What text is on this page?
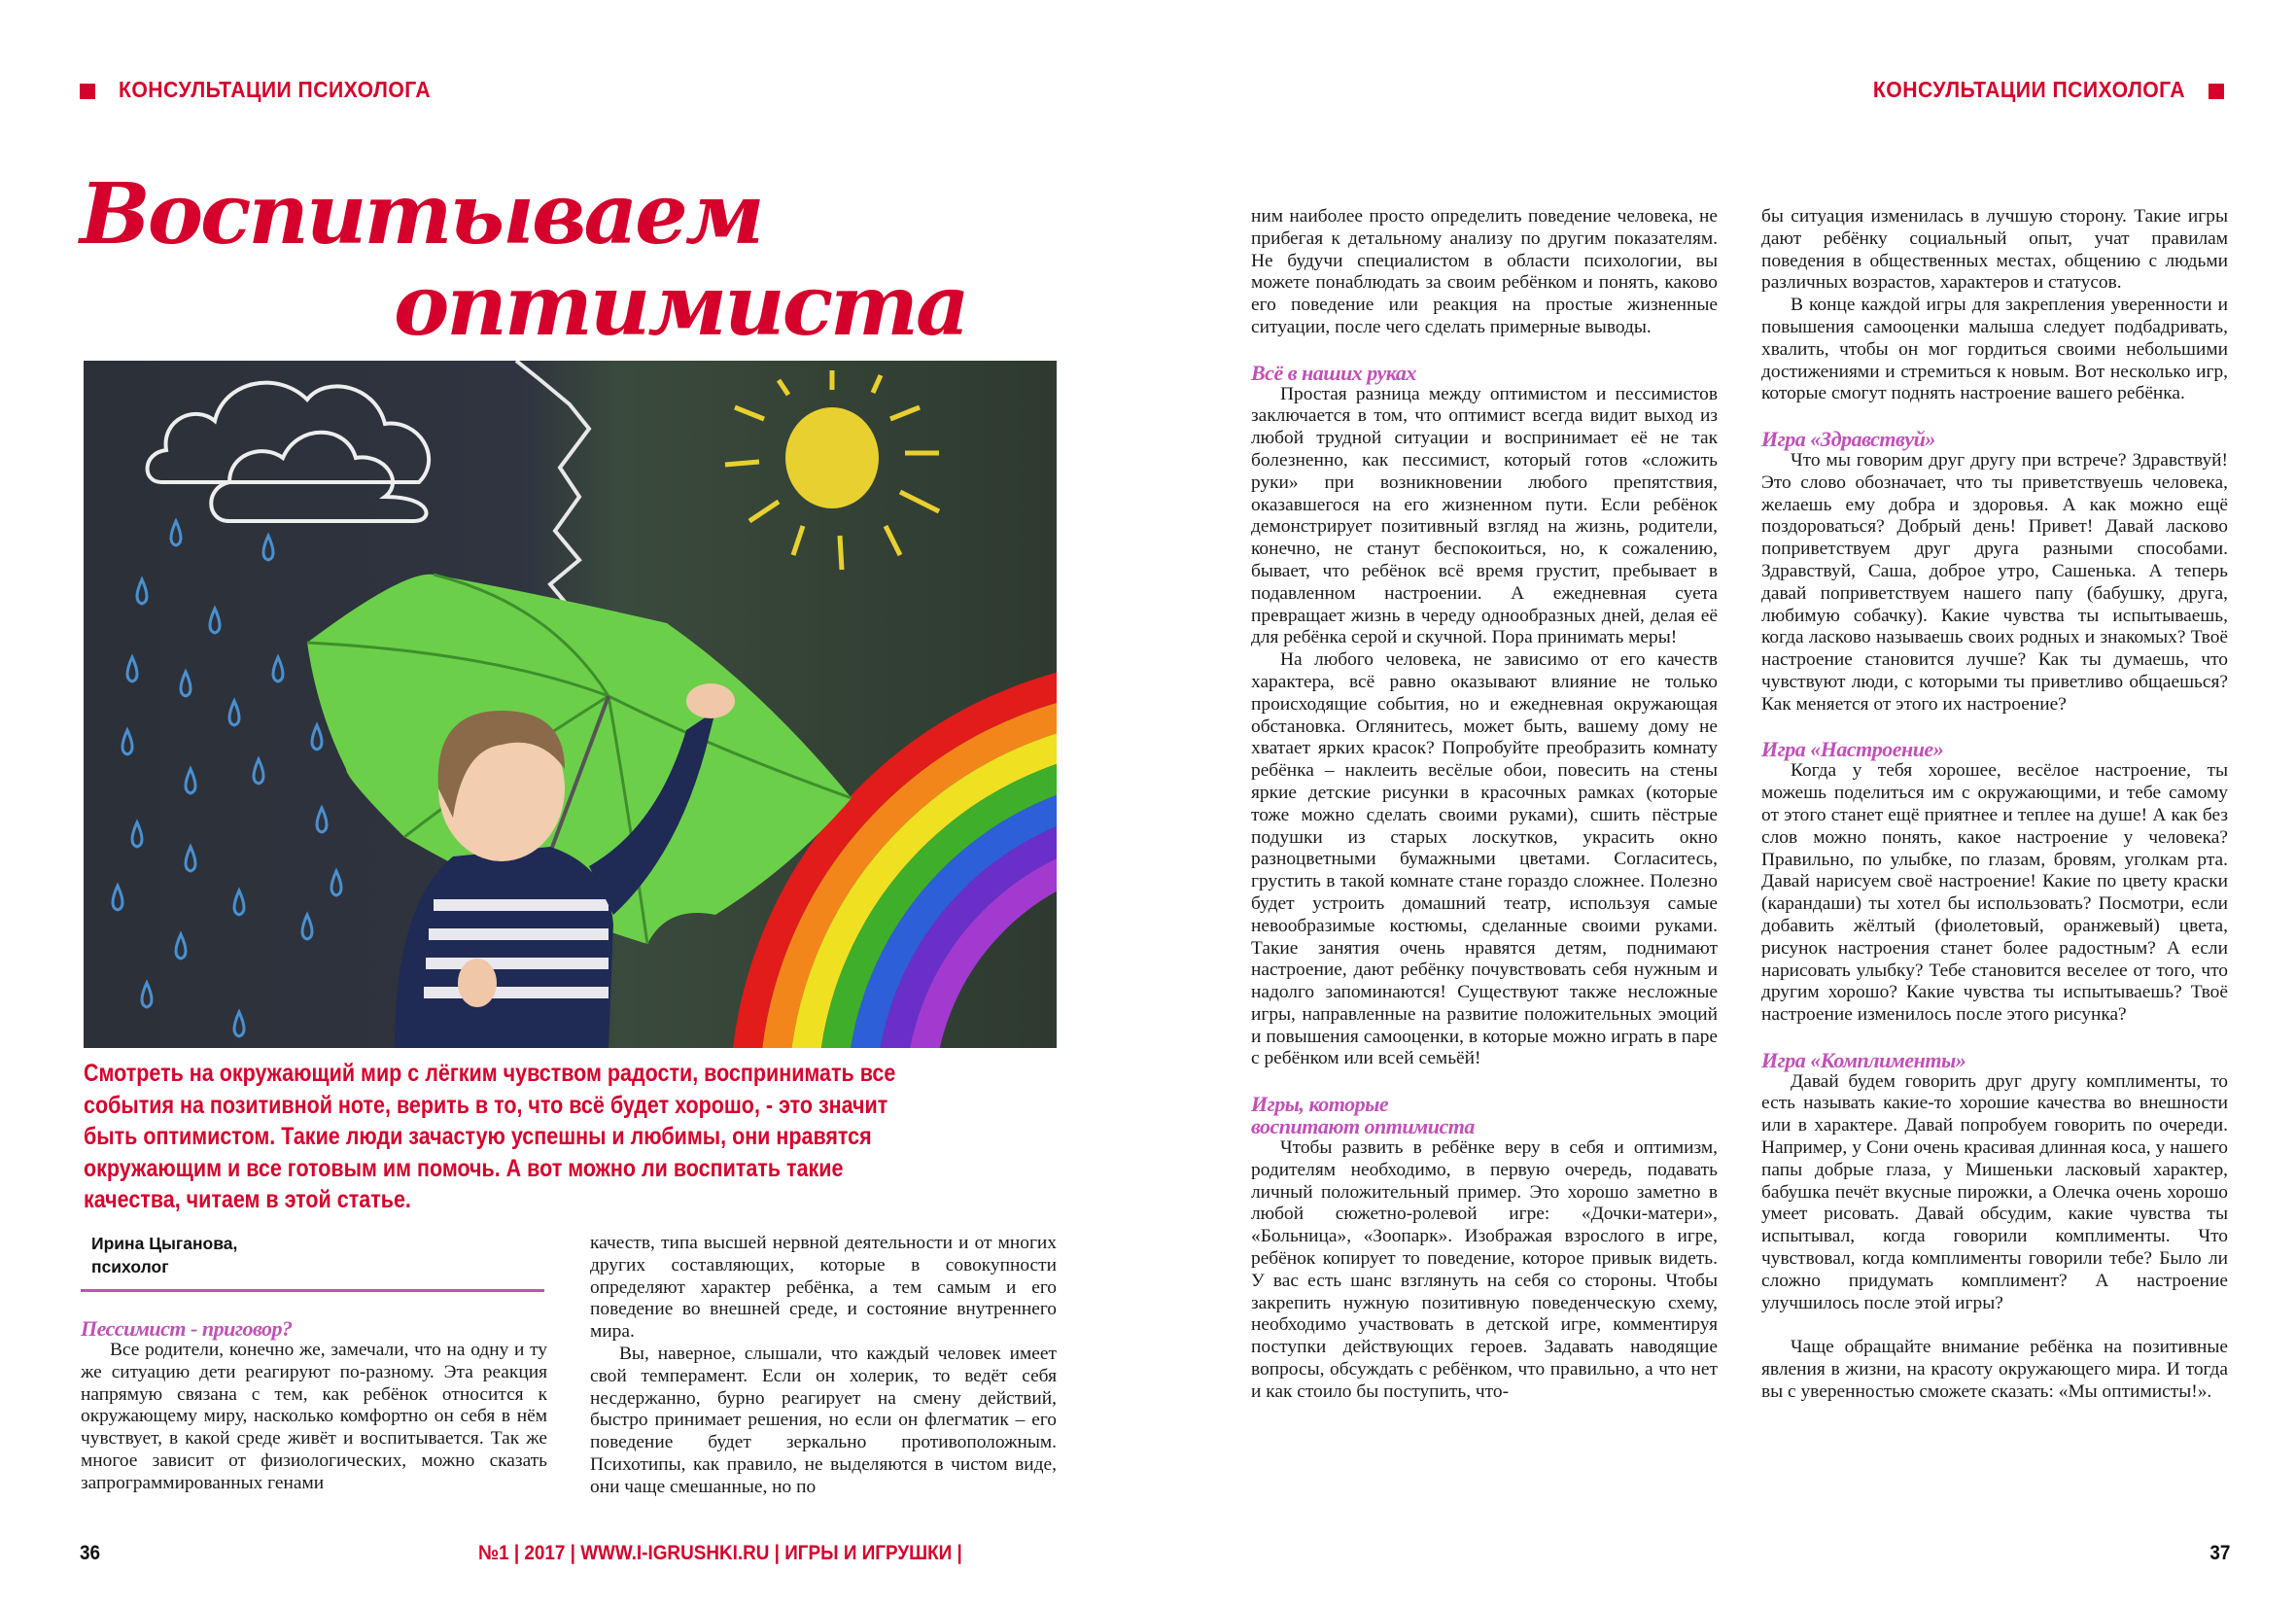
КОНСУЛЬТАЦИИ ПСИХОЛОГА	КОНСУЛЬТАЦИИ ПСИХОЛОГА
Воспитываем
оптимиста
Смотреть на окружающий мир с лёгким чувством радости, воспринимать все
события на позитивной ноте, верить в то, что всё будет хорошо, - это значит
быть оптимистом. Такие люди зачастую успешны и любимы, они нравятся
окружающим и все готовым им помочь. А вот можно ли воспитать такие
качества, читаем в этой статье.
Ирина Цыганова,
психолог
Пессимист - приговор?

Все родители, конечно же, замечали, что на одну и ту же ситуацию дети реагируют по-разному. Эта реакция напрямую связана с тем, как ребёнок относится к окружающему миру, насколько комфортно он себя в нём чувствует, в какой среде живёт и воспитывается. Так же многое зависит от физиологических, можно сказать запрограммированных генами

качеств, типа высшей нервной деятельности и от многих других составляющих, которые в совокупности определяют характер ребёнка, а тем самым и его поведение во внешней среде, и состояние внутреннего мира.

Вы, наверное, слышали, что каждый человек имеет свой темперамент. Если он холерик, то ведёт себя несдержанно, бурно реагирует на смену действий, быстро принимает решения, но если он флегматик – его поведение будет зеркально противоположным. Психотипы, как правило, не выделяются в чистом виде, они чаще смешанные, но по

ним наиболее просто определить поведение человека, не прибегая к детальному анализу по другим показателям. Не будучи специалистом в области психологии, вы можете понаблюдать за своим ребёнком и понять, каково его поведение или реакция на простые жизненные ситуации, после чего сделать примерные выводы.

Всё в наших руках

Простая разница между оптимистом и пессимистов заключается в том, что оптимист всегда видит выход из любой трудной ситуации и воспринимает её не так болезненно, как пессимист, который готов «сложить руки» при возникновении любого препятствия, оказавшегося на его жизненном пути. Если ребёнок демонстрирует позитивный взгляд на жизнь, родители, конечно, не станут беспокоиться, но, к сожалению, бывает, что ребёнок всё время грустит, пребывает в подавленном настроении. А ежедневная суета превращает жизнь в череду однообразных дней, делая её для ребёнка серой и скучной. Пора принимать меры!

На любого человека, не зависимо от его качеств характера, всё равно оказывают влияние не только происходящие события, но и ежедневная окружающая обстановка. Оглянитесь, может быть, вашему дому не хватает ярких красок? Попробуйте преобразить комнату ребёнка – наклеить весёлые обои, повесить на стены яркие детские рисунки в красочных рамках (которые тоже можно сделать своими руками), сшить пёстрые подушки из старых лоскутков, украсить окно разноцветными бумажными цветами. Согласитесь, грустить в такой комнате стане гораздо сложнее. Полезно будет устроить домашний театр, используя самые невообразимые костюмы, сделанные своими руками. Такие занятия очень нравятся детям, поднимают настроение, дают ребёнку почувствовать себя нужным и надолго запоминаются! Существуют также несложные игры, направленные на развитие положительных эмоций и повышения самооценки, в которые можно играть в паре с ребёнком или всей семьёй!

Игры, которые
воспитают оптимиста

Чтобы развить в ребёнке веру в себя и оптимизм, родителям необходимо, в первую очередь, подавать личный положительный пример. Это хорошо заметно в любой сюжетно-ролевой игре: «Дочки-матери», «Больница», «Зоопарк». Изображая взрослого в игре, ребёнок копирует то поведение, которое привык видеть. У вас есть шанс взглянуть на себя со стороны. Чтобы закрепить нужную позитивную поведенческую схему, необходимо участвовать в детской игре, комментируя поступки действующих героев. Задавать наводящие вопросы, обсуждать с ребёнком, что правильно, а что нет и как стоило бы поступить, что-

бы ситуация изменилась в лучшую сторону. Такие игры дают ребёнку социальный опыт, учат правилам поведения в общественных местах, общению с людьми различных возрастов, характеров и статусов.

В конце каждой игры для закрепления уверенности и повышения самооценки малыша следует подбадривать, хвалить, чтобы он мог гордиться своими небольшими достижениями и стремиться к новым. Вот несколько игр, которые смогут поднять настроение вашего ребёнка.

Игра «Здравствуй»

Что мы говорим друг другу при встрече? Здравствуй! Это слово обозначает, что ты приветствуешь человека, желаешь ему добра и здоровья. А как можно ещё поздороваться? Добрый день! Привет! Давай ласково поприветствуем друг друга разными способами. Здравствуй, Саша, доброе утро, Сашенька. А теперь давай поприветствуем нашего папу (бабушку, друга, любимую собачку). Какие чувства ты испытываешь, когда ласково называешь своих родных и знакомых? Твоё настроение становится лучше? Как ты думаешь, что чувствуют люди, с которыми ты приветливо общаешься? Как меняется от этого их настроение?

Игра «Настроение»

Когда у тебя хорошее, весёлое настроение, ты можешь поделиться им с окружающими, и тебе самому от этого станет ещё приятнее и теплее на душе! А как без слов можно понять, какое настроение у человека? Правильно, по улыбке, по глазам, бровям, уголкам рта. Давай нарисуем своё настроение! Какие по цвету краски (карандаши) ты хотел бы использовать? Посмотри, если добавить жёлтый (фиолетовый, оранжевый) цвета, рисунок настроения станет более радостным? А если нарисовать улыбку? Тебе становится веселее от того, что другим хорошо? Какие чувства ты испытываешь? Твоё настроение изменилось после этого рисунка?

Игра «Комплименты»

Давай будем говорить друг другу комплименты, то есть называть какие-то хорошие качества во внешности или в характере. Давай попробуем говорить по очереди. Например, у Сони очень красивая длинная коса, у нашего папы добрые глаза, у Мишеньки ласковый характер, бабушка печёт вкусные пирожки, а Олечка очень хорошо умеет рисовать. Давай обсудим, какие чувства ты испытывал, когда говорили комплименты. Что чувствовал, когда комплименты говорили тебе? Было ли сложно придумать комплимент? А настроение улучшилось после этой игры?

Чаще обращайте внимание ребёнка на позитивные явления в жизни, на красоту окружающего мира. И тогда вы с уверенностью сможете сказать: «Мы оптимисты!».

36	№1 | 2017 | WWW.I-IGRUSHKI.RU | ИГРЫ И ИГРУШКИ |	37
